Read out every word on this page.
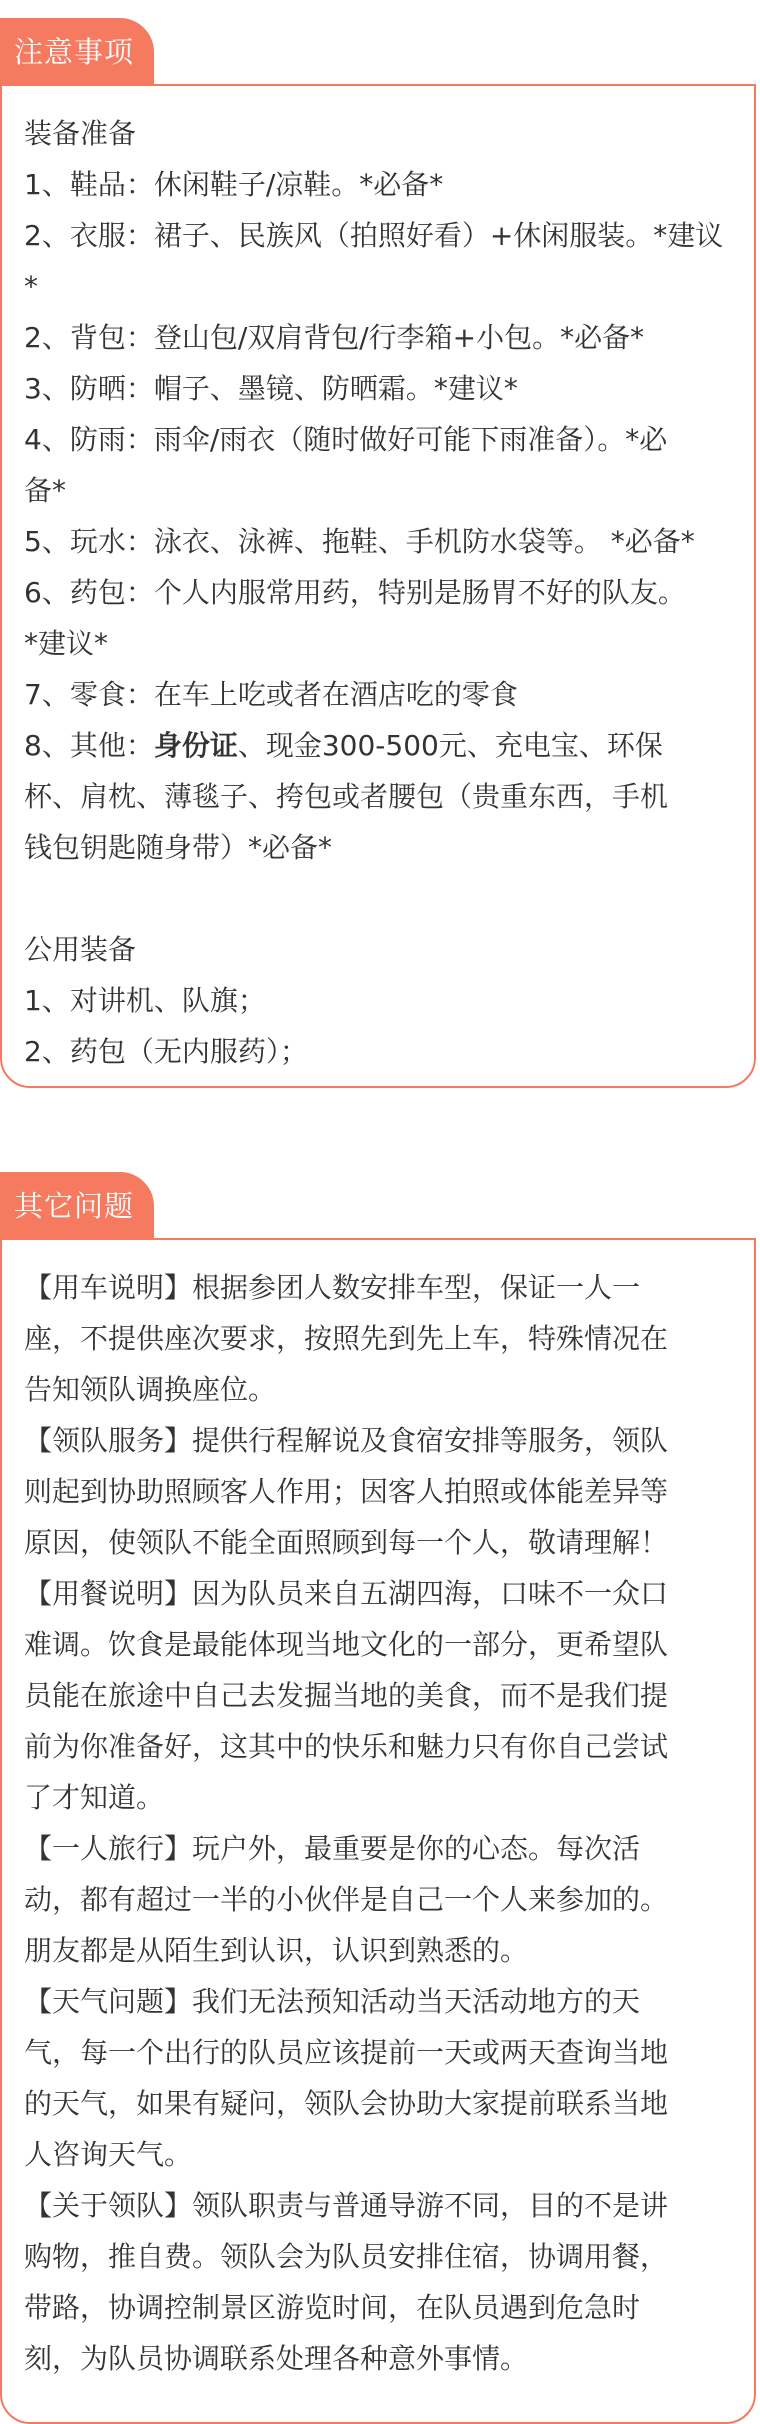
注意事项
装备准备
1、鞋品：休闲鞋子/凉鞋。*必备*
2、衣服：裙子、民族风（拍照好看）+休闲服装。*建议
*
2、背包：登山包/双肩背包/行李箱+小包。*必备*
3、防晒：帽子、墨镜、防晒霜。*建议*
4、防雨：雨伞/雨衣（随时做好可能下雨准备）。*必
备*
5、玩水：泳衣、泳裤、拖鞋、手机防水袋等。 *必备*
6、药包：个人内服常用药，特别是肠胃不好的队友。
*建议*
7、零食：在车上吃或者在酒店吃的零食
8、其他：身份证、现金300-500元、充电宝、环保
杯、肩枕、薄毯子、挎包或者腰包（贵重东西，手机
钱包钥匙随身带）*必备*
公用装备
1、对讲机、队旗；
2、药包（无内服药）；
其它问题
【用车说明】根据参团人数安排车型，保证一人一
座，不提供座次要求，按照先到先上车，特殊情况在
告知领队调换座位。
【领队服务】提供行程解说及食宿安排等服务，领队
则起到协助照顾客人作用；因客人拍照或体能差异等
原因，使领队不能全面照顾到每一个人，敬请理解！
【用餐说明】因为队员来自五湖四海，口味不一众口
难调。饮食是最能体现当地文化的一部分，更希望队
员能在旅途中自己去发掘当地的美食，而不是我们提
前为你准备好，这其中的快乐和魅力只有你自己尝试
了才知道。
【一人旅行】玩户外，最重要是你的心态。每次活
动，都有超过一半的小伙伴是自己一个人来参加的。
朋友都是从陌生到认识，认识到熟悉的。
【天气问题】我们无法预知活动当天活动地方的天
气，每一个出行的队员应该提前一天或两天查询当地
的天气，如果有疑问，领队会协助大家提前联系当地
人咨询天气。
【关于领队】领队职责与普通导游不同，目的不是讲
购物，推自费。领队会为队员安排住宿，协调用餐，
带路，协调控制景区游览时间，在队员遇到危急时
刻，为队员协调联系处理各种意外事情。
